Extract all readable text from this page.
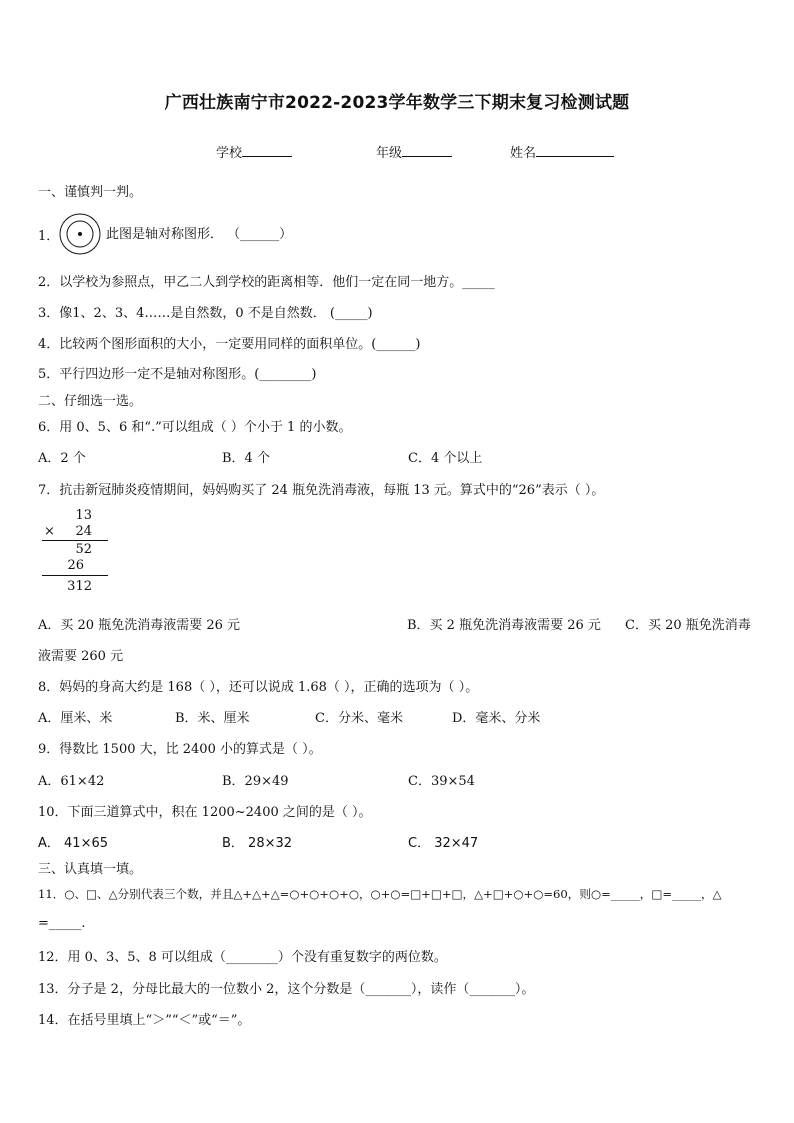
广西壮族南宁市2022-2023学年数学三下期末复习检测试题
学校	年级	姓名
一、谨慎判一判。
1．	此图是轴对称图形． （______）
2．以学校为参照点，甲乙二人到学校的距离相等．他们一定在同一地方。_____
3．像1、2、3、4……是自然数，0 不是自然数． (_____)
4．比较两个图形面积的大小，一定要用同样的面积单位。(______)
5．平行四边形一定不是轴对称图形。(________)
二、仔细选一选。
6．用 0、5、6 和“.”可以组成（ ）个小于 1 的小数。
A．2 个	B．4 个	C．4 个以上
7．抗击新冠肺炎疫情期间，妈妈购买了 24 瓶免洗消毒液，每瓶 13 元。算式中的“26”表示（ ）。
13
× 24
52
26
312
A．买 20 瓶免洗消毒液需要 26 元	B．买 2 瓶免洗消毒液需要 26 元 C．买 20 瓶免洗消毒
液需要 260 元
8．妈妈的身高大约是 168（ ），还可以说成 1.68（ ），正确的选项为（ ）。
A．厘米、米	B．米、厘米	C．分米、毫米	D．毫米、分米
9．得数比 1500 大，比 2400 小的算式是（ ）。
A．61×42	B．29×49	C．39×54
10．下面三道算式中，积在 1200~2400 之间的是（ ）。
A． 41×65	B． 28×32	C． 32×47
三、认真填一填。
11．○、□、△分别代表三个数，并且△+△+△=○+○+○+○，○+○=□+□+□，△+□+○+○=60，则○=_____，□=_____，△
=_____.
12．用 0、3、5、8 可以组成（________）个没有重复数字的两位数。
13．分子是 2，分母比最大的一位数小 2，这个分数是（_______），读作（_______）。
14．在括号里填上“＞”“＜”或“＝”。
